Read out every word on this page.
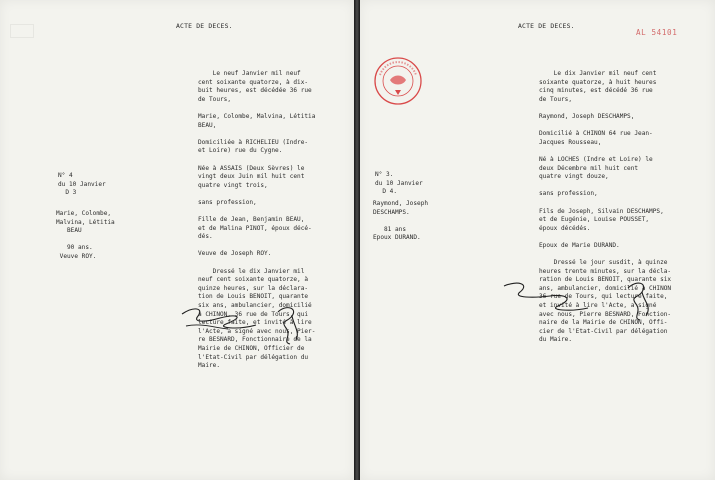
ACTE DE DECES.
Le neuf Janvier mil neuf
cent soixante quatorze, à dix-
buit heures, est décédée 36 rue
de Tours,

Marie, Colombe, Malvina, Létitia
BEAU,

Domiciliée à RICHELIEU (Indre-
et Loire) rue du Cygne.

Née à ASSAIS (Deux Sèvres) le
vingt deux Juin mil huit cent
quatre vingt trois,

sans profession,

Fille de Jean, Benjamin BEAU,
et de Malina PINOT, époux décé-
dés.

Veuve de Joseph ROY.

Dressé le dix Janvier mil
neuf cent soixante quatorze, à
quinze heures, sur la déclara-
tion de Louis BENOIT, quarante
six ans, ambulancier, domicilié
à CHINON, 36 rue de Tours, qui
lecture faite, et invité à lire
l'Acte, a signé avec nous, Pier-
re BESNARD, Fonctionnaire de la
Mairie de CHINON, Officier de
l'Etat-Civil par délégation du
Maire.
N° 4
du 10 Janvier
D 3
Marie, Colombe,
Malvina, Létitia
BEAU

90 ans.
Veuve ROY.
ACTE DE DECES.
AL 54101
Le dix Janvier mil neuf cent
soixante quatorze, à huit heures
cinq minutes, est décédé 36 rue
de Tours,

Raymond, Joseph DESCHAMPS,

Domicilié à CHINON 64 rue Jean-
Jacques Rousseau,

Né à LOCHES (Indre et Loire) le
deux Décembre mil huit cent
quatre vingt douze,

sans profession,

Fils de Joseph, Silvain DESCHAMPS,
et de Eugénie, Louise POUSSET,
époux décédés.

Epoux de Marie DURAND.

Dressé le jour susdit, à quinze
heures trente minutes, sur la décla-
ration de Louis BENOIT, quarante six
ans, ambulancier, domicilié à CHINON
36 rue de Tours, qui lecture faite,
et invité à lire l'Acte, a signé
avec nous, Pierre BESNARD, Fonction-
naire de la Mairie de CHINON, Offi-
cier de l'Etat-Civil par délégation
du Maire.
N° 3.
du 10 Janvier
D 4.
Raymond, Joseph
DESCHAMPS.

81 ans
Epoux DURAND.
